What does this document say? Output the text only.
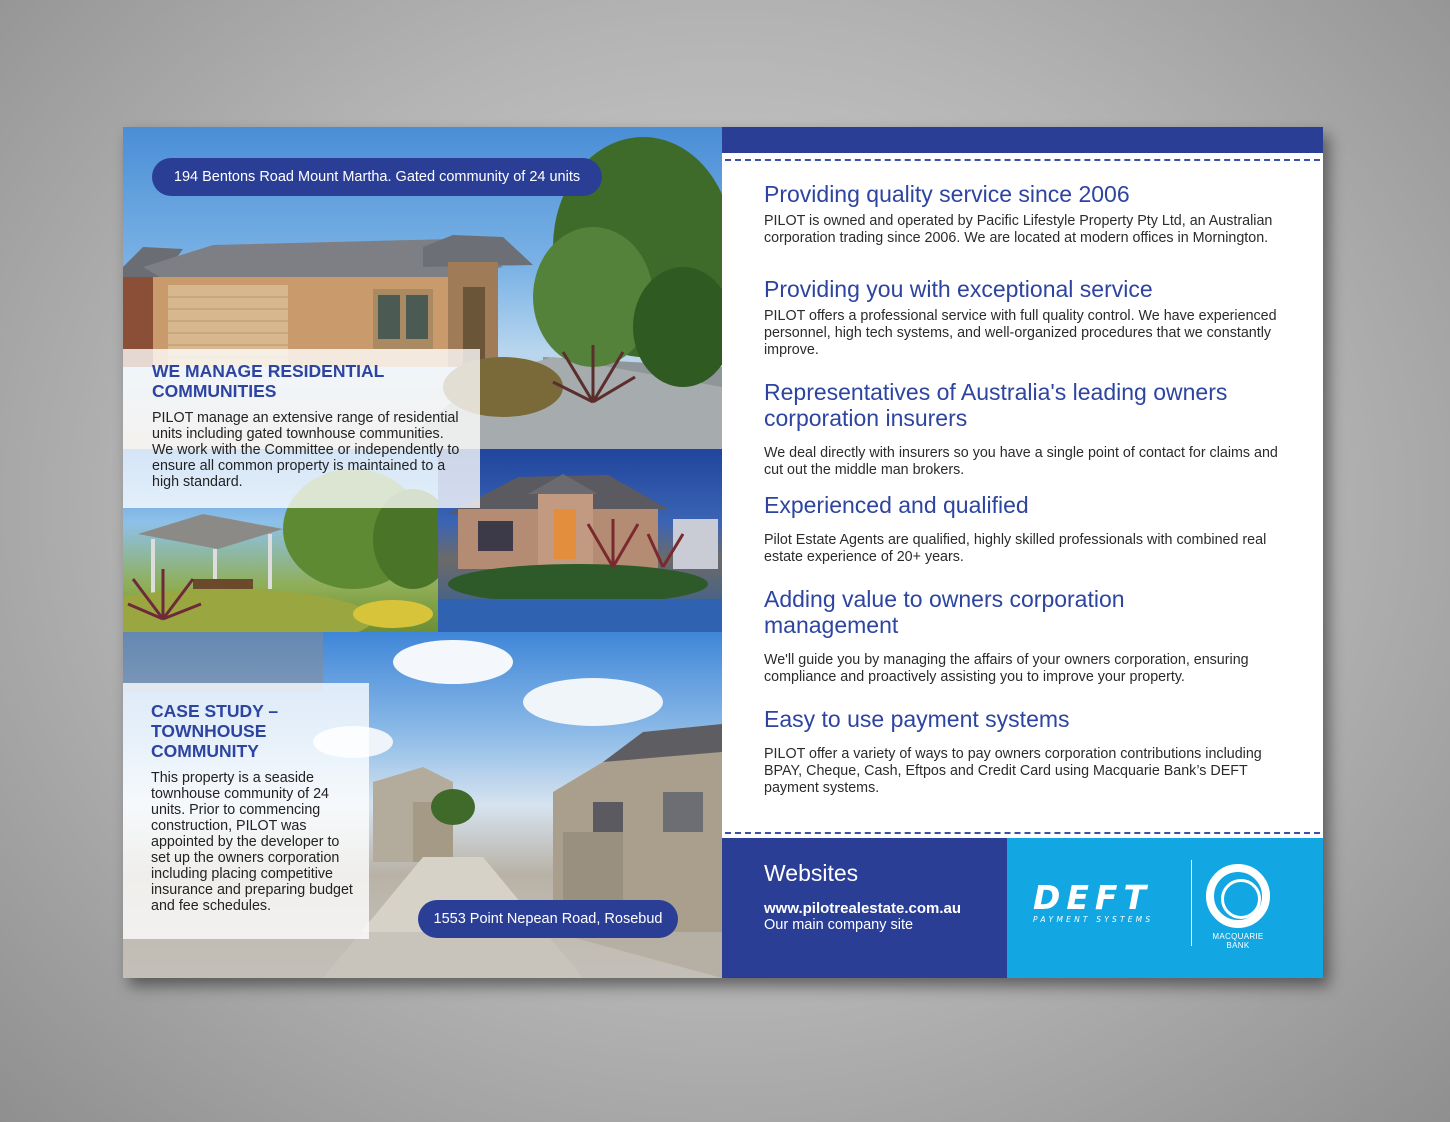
194 Bentons Road Mount Martha. Gated community of 24 units
WE MANAGE RESIDENTIAL COMMUNITIES
PILOT manage an extensive range of residential units including gated townhouse communities. We work with the Committee or independently to ensure all common property is maintained to a high standard.
CASE STUDY – TOWNHOUSE COMMUNITY
This property is a seaside townhouse community of 24 units. Prior to commencing construction, PILOT was appointed by the developer to set up the owners corporation including placing competitive insurance and preparing budget and fee schedules.
1553 Point Nepean Road, Rosebud
Providing quality service since 2006

PILOT is owned and operated by Pacific Lifestyle Property Pty Ltd, an Australian corporation trading since 2006. We are located at modern offices in Mornington.

Providing you with exceptional service

PILOT offers a professional service with full quality control. We have experienced personnel, high tech systems, and well-organized procedures that we constantly improve.

Representatives of Australia's leading owners corporation insurers

We deal directly with insurers so you have a single point of contact for claims and cut out the middle man brokers.

Experienced and qualified

Pilot Estate Agents are qualified, highly skilled professionals with combined real estate experience of 20+ years.

Adding value to owners corporation management

We'll guide you by managing the affairs of your owners corporation, ensuring compliance and proactively assisting you to improve your property.

Easy to use payment systems

PILOT offer a variety of ways to pay owners corporation contributions including BPAY, Cheque, Cash, Eftpos and Credit Card using Macquarie Bank’s DEFT payment systems.

Websites
www.pilotrealestate.com.au
Our main company site
DEFT
PAYMENT SYSTEMS
MACQUARIE
BANK
